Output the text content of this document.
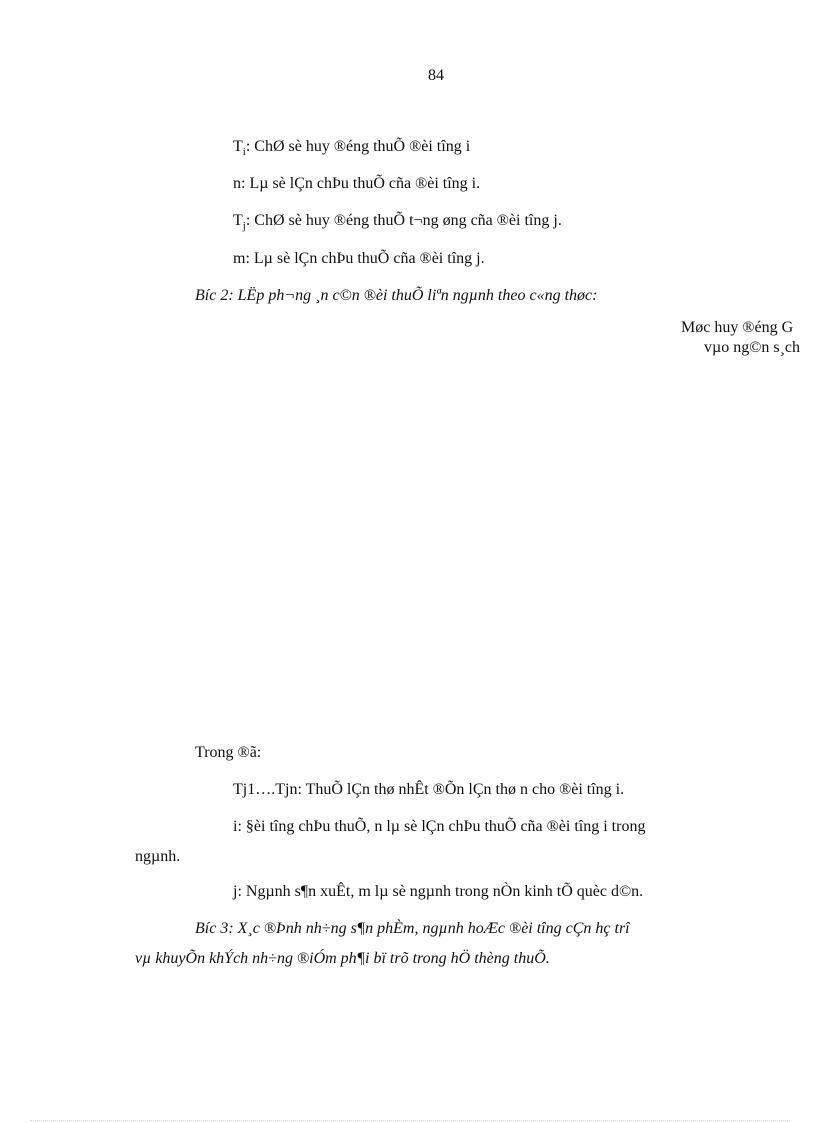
84
$T_i$: ChØ sè huy ®éng thuÕ ®èi tîng i
n: Lµ sè lÇn chÞu thuÕ cña ®èi tîng i.
$T_j$: ChØ sè huy ®éng thuÕ t¬ng øng cña ®èi tîng j.
m: Lµ sè lÇn chÞu thuÕ cña ®èi tîng j.
Bíc 2: LËp ph¬ng ¸n c©n ®èi thuÕ liªn ngµnh theo c«ng thøc:
Møc huy ®éng G
vµo ng©n s¸ch
Trong ®ã:
Tj1….Tjn: ThuÕ lÇn thø nhÊt ®Õn lÇn thø n cho ®èi tîng i.
i: §èi tîng chÞu thuÕ, n lµ sè lÇn chÞu thuÕ cña ®èi tîng i trong
ngµnh.
j: Ngµnh s¶n xuÊt, m lµ sè ngµnh trong nÒn kinh tÕ quèc d©n.
Bíc 3: X¸c ®Þnh nh÷ng s¶n phÈm, ngµnh hoÆc ®èi tîng cÇn hç trî
vµ khuyÕn khÝch nh÷ng ®iÓm ph¶i bï trõ trong hÖ thèng thuÕ.
